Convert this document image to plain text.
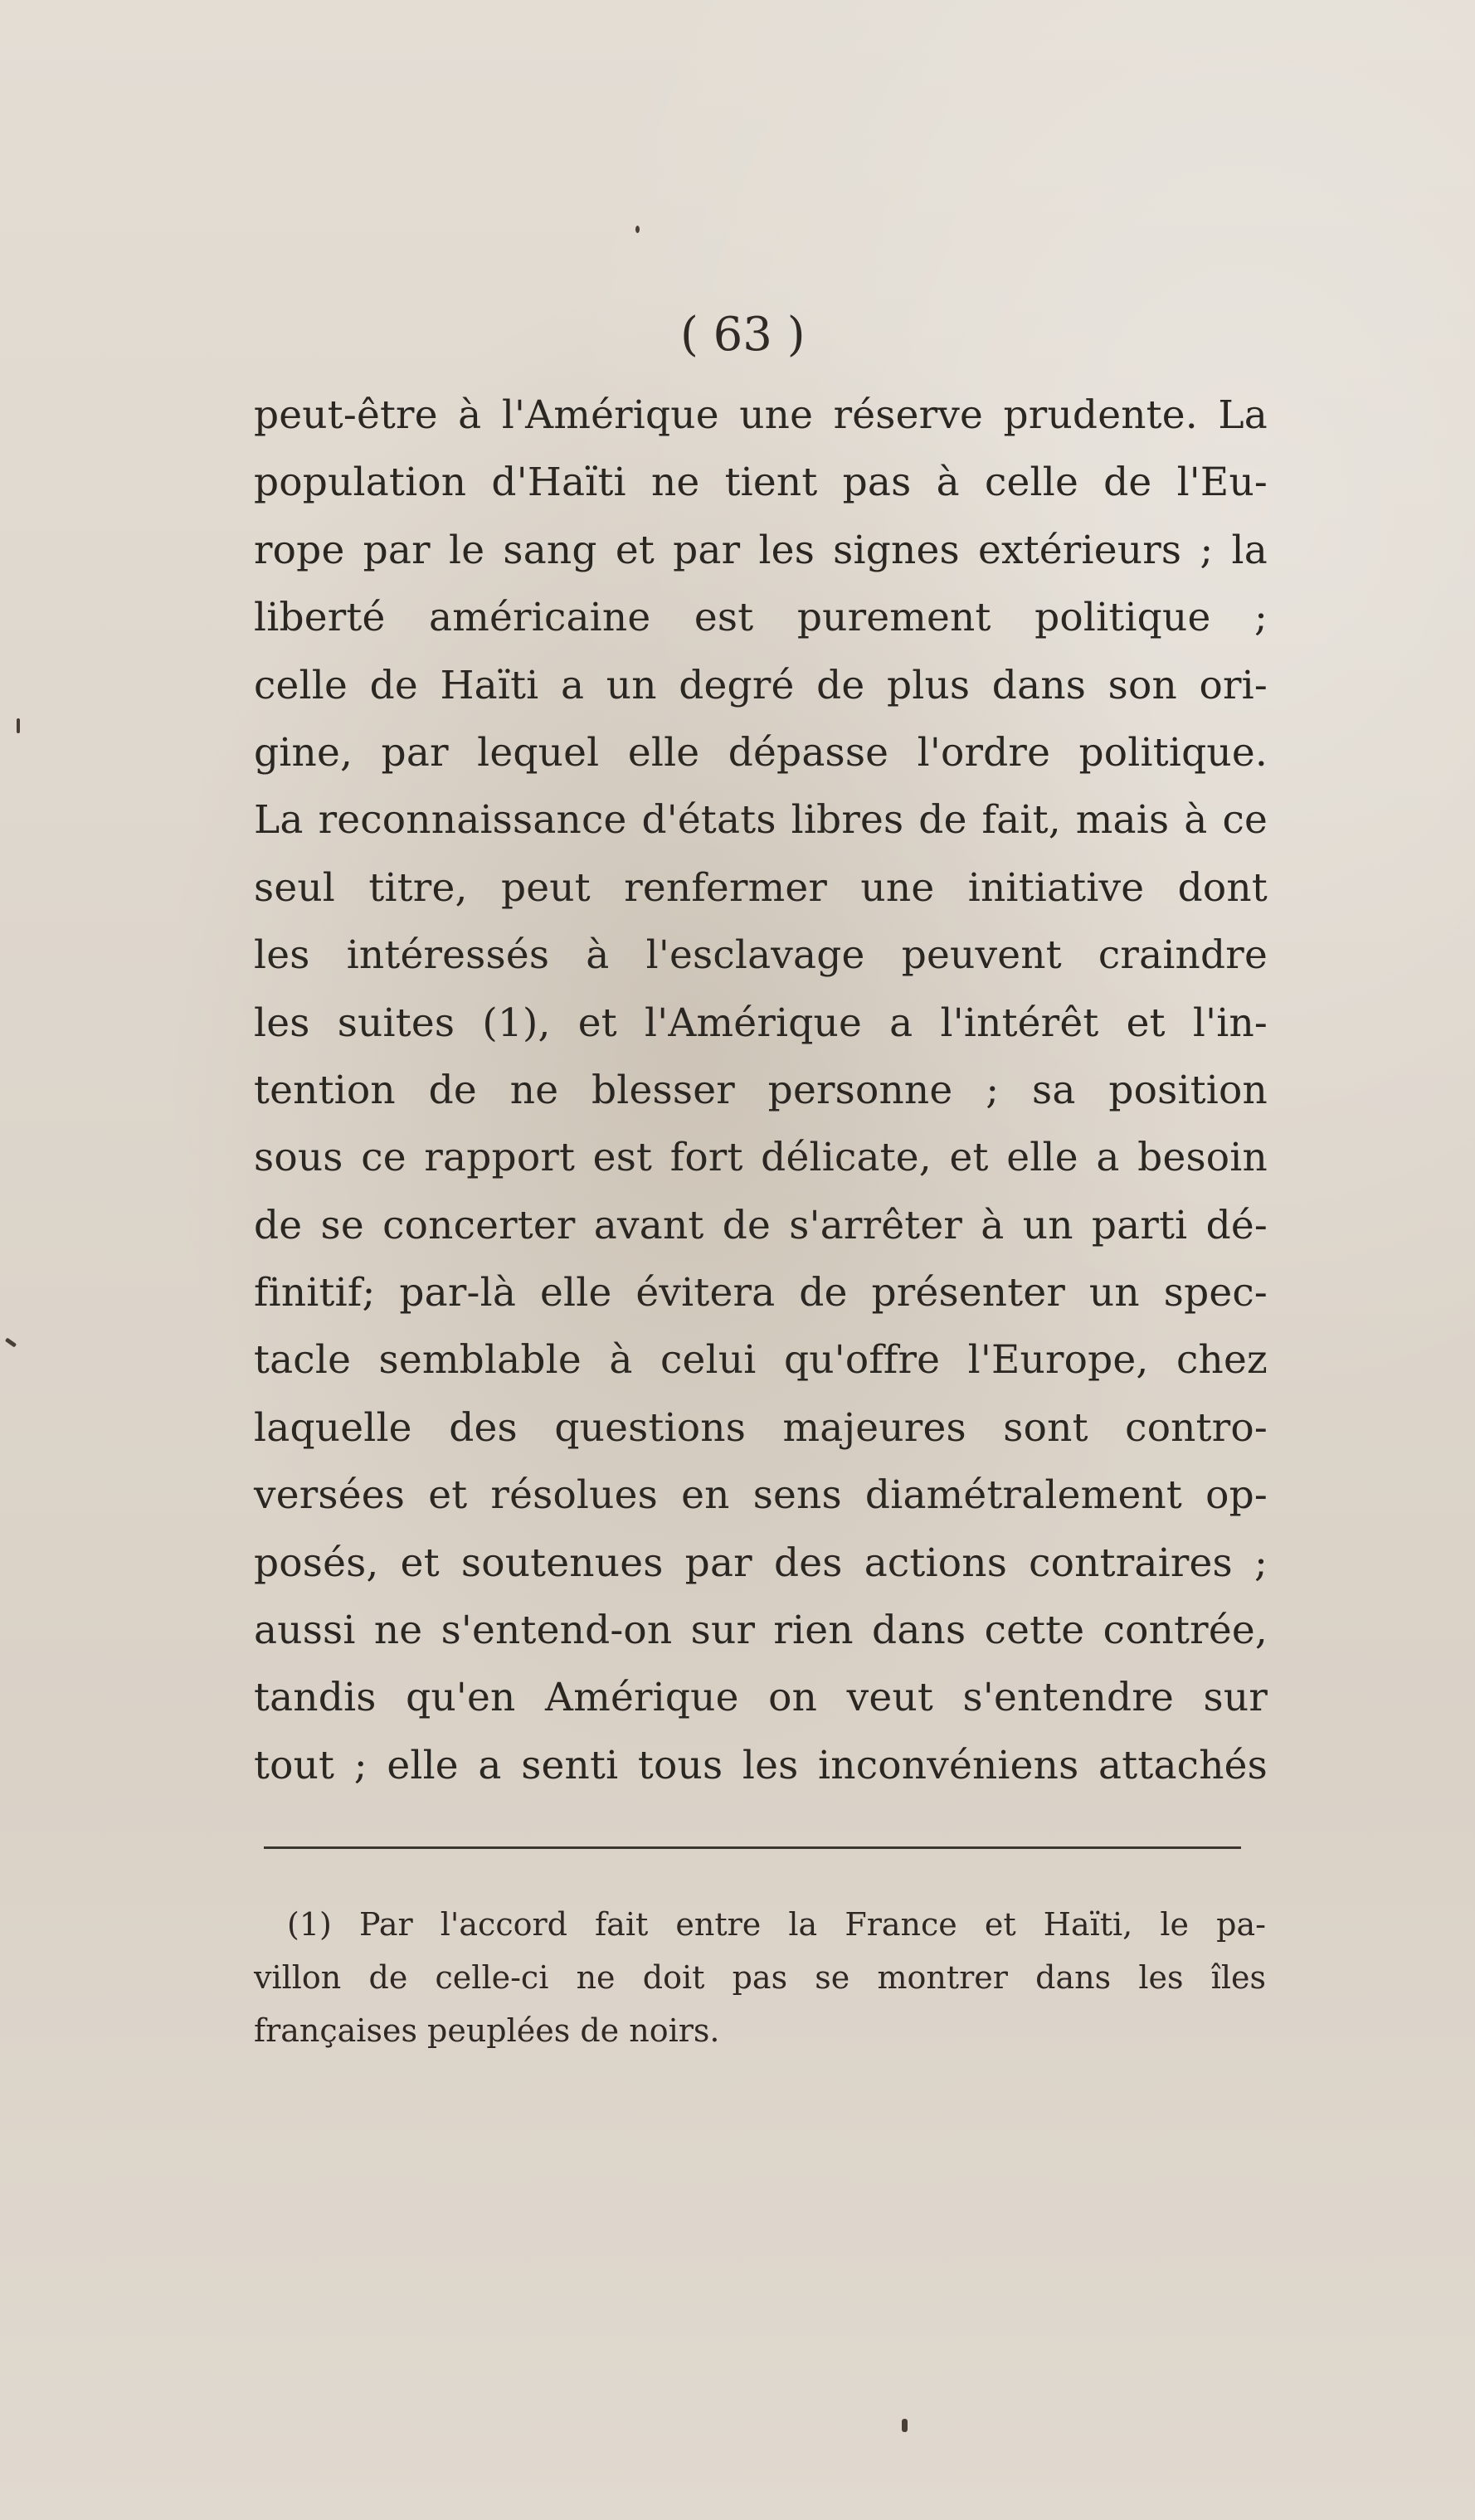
( 63 )
peut-être à l'Amérique une réserve prudente. La
population d'Haïti ne tient pas à celle de l'Eu-
rope par le sang et par les signes extérieurs ; la
liberté américaine est purement politique ;
celle de Haïti a un degré de plus dans son ori-
gine, par lequel elle dépasse l'ordre politique.
La reconnaissance d'états libres de fait, mais à ce
seul titre, peut renfermer une initiative dont
les intéressés à l'esclavage peuvent craindre
les suites (1), et l'Amérique a l'intérêt et l'in-
tention de ne blesser personne ; sa position
sous ce rapport est fort délicate, et elle a besoin
de se concerter avant de s'arrêter à un parti dé-
finitif; par-là elle évitera de présenter un spec-
tacle semblable à celui qu'offre l'Europe, chez
laquelle des questions majeures sont contro-
versées et résolues en sens diamétralement op-
posés, et soutenues par des actions contraires ;
aussi ne s'entend-on sur rien dans cette contrée,
tandis qu'en Amérique on veut s'entendre sur
tout ; elle a senti tous les inconvéniens attachés
(1) Par l'accord fait entre la France et Haïti, le pa-
villon de celle-ci ne doit pas se montrer dans les îles
françaises peuplées de noirs.
